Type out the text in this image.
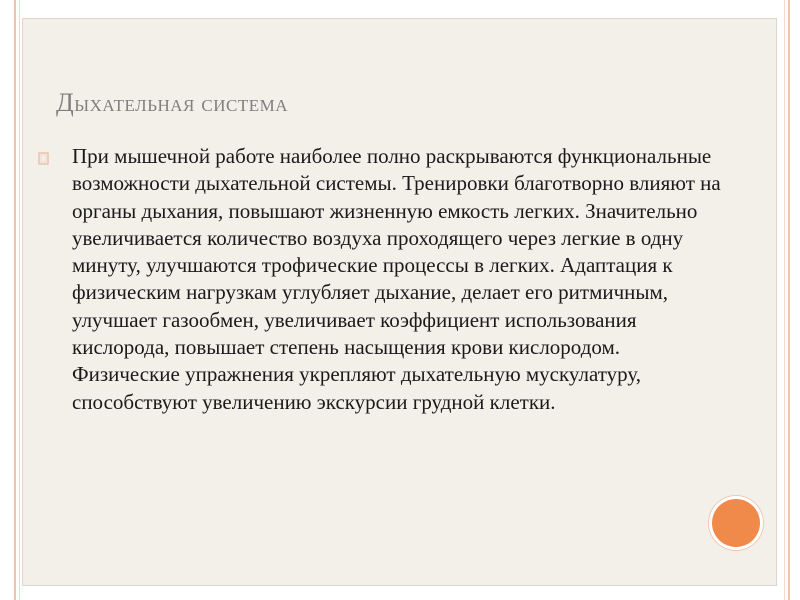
Дыхательная система

При мышечной работе наиболее полно раскрываются функциональные возможности дыхательной системы. Тренировки благотворно влияют на органы дыхания, повышают жизненную емкость легких. Значительно увеличивается количество воздуха проходящего через легкие в одну минуту, улучшаются трофические процессы в легких. Адаптация к физическим нагрузкам углубляет дыхание, делает его ритмичным, улучшает газообмен, увеличивает коэффициент использования кислорода, повышает степень насыщения крови кислородом. Физические упражнения укрепляют дыхательную мускулатуру, способствуют увеличению экскурсии грудной клетки.
